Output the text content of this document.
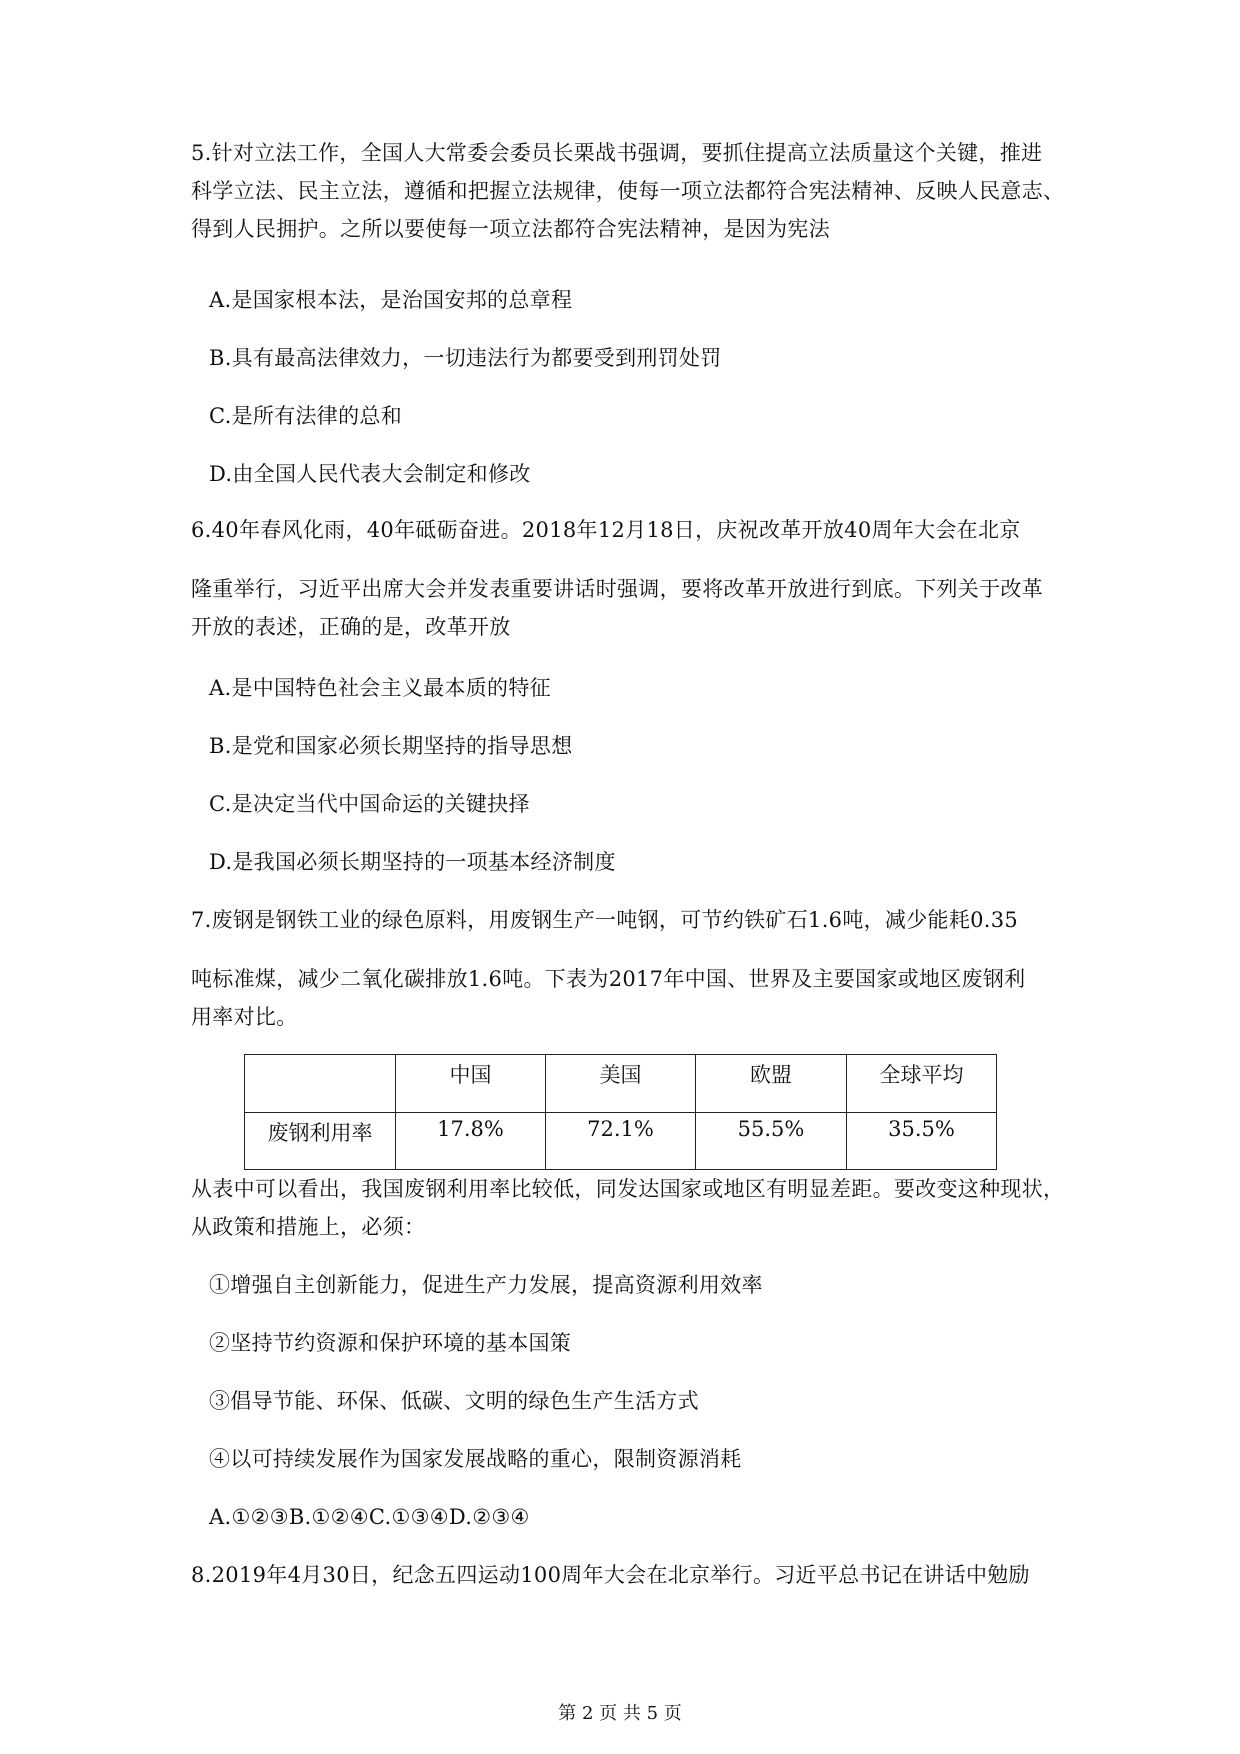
5.针对立法工作，全国人大常委会委员长栗战书强调，要抓住提高立法质量这个关键，推进
科学立法、民主立法，遵循和把握立法规律，使每一项立法都符合宪法精神、反映人民意志、
得到人民拥护。之所以要使每一项立法都符合宪法精神，是因为宪法
A.是国家根本法，是治国安邦的总章程
B.具有最高法律效力，一切违法行为都要受到刑罚处罚
C.是所有法律的总和
D.由全国人民代表大会制定和修改
6.40年春风化雨，40年砥砺奋进。2018年12月18日，庆祝改革开放40周年大会在北京
隆重举行，习近平出席大会并发表重要讲话时强调，要将改革开放进行到底。下列关于改革
开放的表述，正确的是，改革开放
A.是中国特色社会主义最本质的特征
B.是党和国家必须长期坚持的指导思想
C.是决定当代中国命运的关键抉择
D.是我国必须长期坚持的一项基本经济制度
7.废钢是钢铁工业的绿色原料，用废钢生产一吨钢，可节约铁矿石1.6吨，减少能耗0.35
吨标准煤，减少二氧化碳排放1.6吨。下表为2017年中国、世界及主要国家或地区废钢利
用率对比。
	中国	美国	欧盟	全球平均
废钢利用率	17.8%	72.1%	55.5%	35.5%
从表中可以看出，我国废钢利用率比较低，同发达国家或地区有明显差距。要改变这种现状，
从政策和措施上，必须：
①增强自主创新能力，促进生产力发展，提高资源利用效率
②坚持节约资源和保护环境的基本国策
③倡导节能、环保、低碳、文明的绿色生产生活方式
④以可持续发展作为国家发展战略的重心，限制资源消耗
A.①②③B.①②④C.①③④D.②③④
8.2019年4月30日，纪念五四运动100周年大会在北京举行。习近平总书记在讲话中勉励
第 2 页 共 5 页
